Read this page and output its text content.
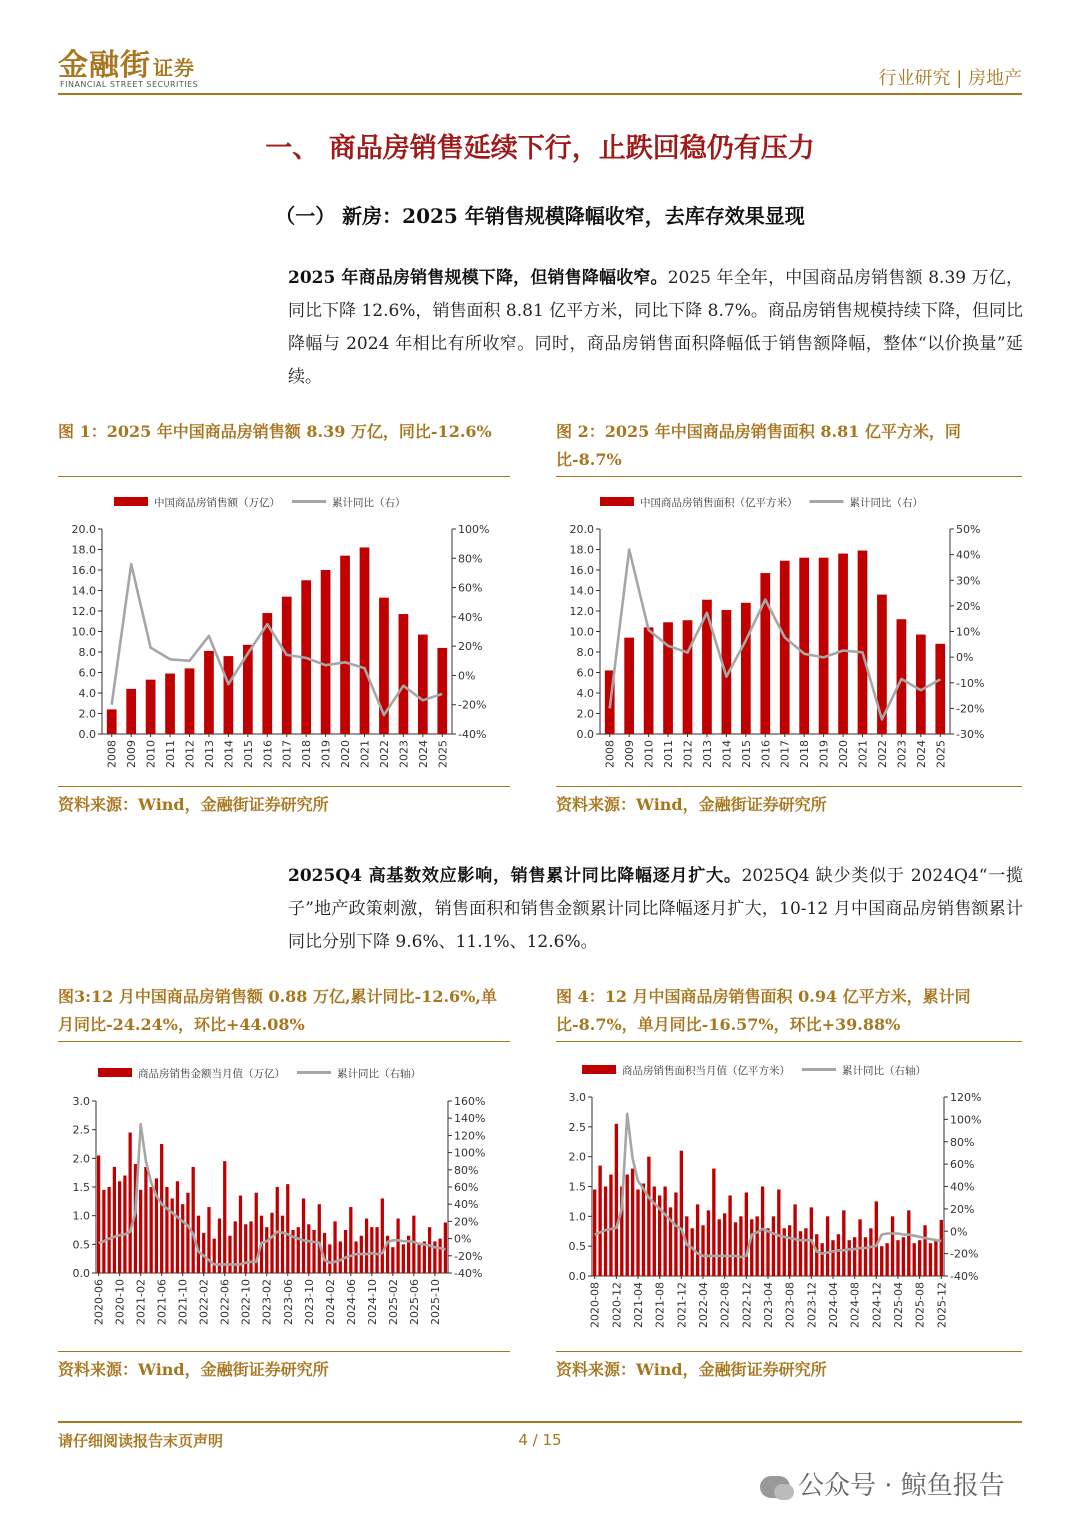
金融街 证券
FINANCIAL STREET SECURITIES	行业研究 | 房地产
一、 商品房销售延续下行，止跌回稳仍有压力
（一） 新房：2025 年销售规模降幅收窄，去库存效果显现
2025 年商品房销售规模下降，但销售降幅收窄。2025 年全年，中国商品房销售额 8.39 万亿，同比下降 12.6%，销售面积 8.81 亿平方米，同比下降 8.7%。商品房销售规模持续下降，但同比降幅与 2024 年相比有所收窄。同时，商品房销售面积降幅低于销售额降幅，整体“以价换量”延续。
图 1：2025 年中国商品房销售额 8.39 万亿，同比-12.6%	图 2：2025 年中国商品房销售面积 8.81 亿平方米，同比-8.7%
中国商品房销售额（万亿）	累计同比（右）
0.0
2.0
4.0
6.0
8.0
10.0
12.0
14.0
16.0
18.0
20.0
-40%
-20%
0%
20%
40%
60%
80%
100%
2008 2009 2010 2011 2012 2013 2014 2015 2016 2017 2018 2019 2020 2021 2022 2023 2024 2025
中国商品房销售面积（亿平方米）	累计同比（右）
0.0
2.0
4.0
6.0
8.0
10.0
12.0
14.0
16.0
18.0
20.0
-30%
-20%
-10%
0%
10%
20%
30%
40%
50%
2008 2009 2010 2011 2012 2013 2014 2015 2016 2017 2018 2019 2020 2021 2022 2023 2024 2025
资料来源：Wind，金融街证券研究所	资料来源：Wind，金融街证券研究所
2025Q4 高基数效应影响，销售累计同比降幅逐月扩大。2025Q4 缺少类似于 2024Q4“一揽子”地产政策刺激，销售面积和销售金额累计同比降幅逐月扩大，10-12 月中国商品房销售额累计同比分别下降 9.6%、11.1%、12.6%。
图3:12 月中国商品房销售额 0.88 万亿,累计同比-12.6%,单月同比-24.24%，环比+44.08%
图 4：12 月中国商品房销售面积 0.94 亿平方米，累计同比-8.7%，单月同比-16.57%，环比+39.88%
商品房销售金额当月值（万亿）	累计同比（右轴）
0.0
0.5
1.0
1.5
2.0
2.5
3.0
-40%
-20%
0%
20%
40%
60%
80%
100%
120%
140%
160%
2020-06 2020-10 2021-02 2021-06 2021-10 2022-02 2022-06 2022-10 2023-02 2023-06 2023-10 2024-02 2024-06 2024-10 2025-02 2025-06 2025-10
商品房销售面积当月值（亿平方米）	累计同比（右轴）
0.0
0.5
1.0
1.5
2.0
2.5
3.0
-40%
-20%
0%
20%
40%
60%
80%
100%
120%
2020-08 2020-12 2021-04 2021-08 2021-12 2022-04 2022-08 2022-12 2023-04 2023-08 2023-12 2024-04 2024-08 2024-12 2025-04 2025-08 2025-12
资料来源：Wind，金融街证券研究所	资料来源：Wind，金融街证券研究所
请仔细阅读报告末页声明	4 / 15
公众号 · 鲸鱼报告
